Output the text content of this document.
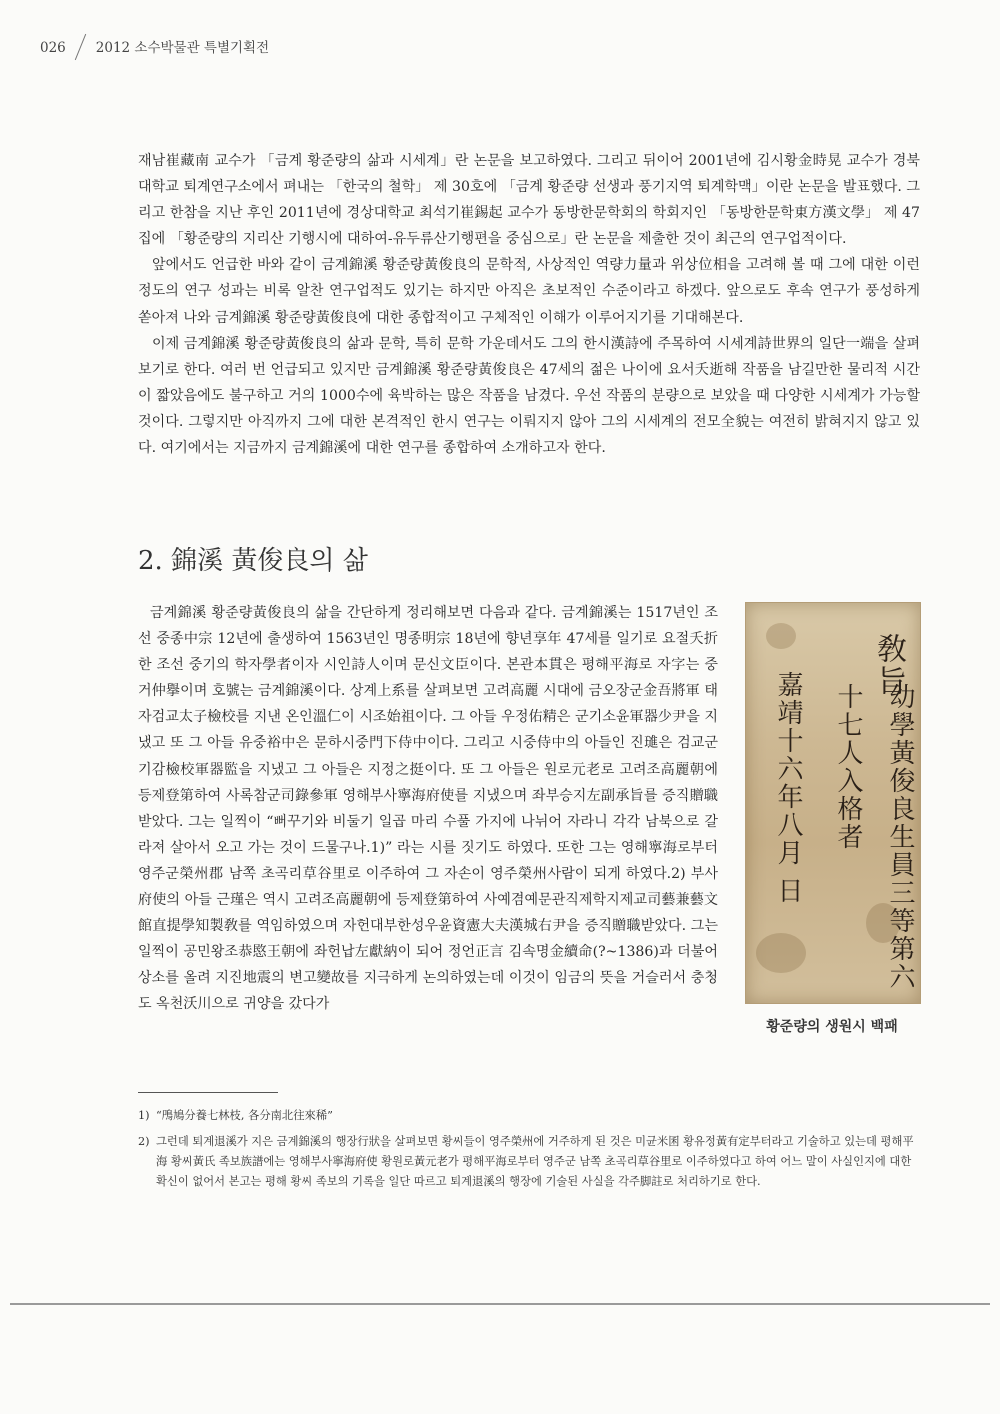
026 2012 소수박물관 특별기획전

재남崔藏南 교수가 「금계 황준량의 삶과 시세계」란 논문을 보고하였다. 그리고 뒤이어 2001년에 김시황金時晃 교수가 경북대학교 퇴계연구소에서 펴내는 「한국의 철학」 제 30호에 「금계 황준량 선생과 풍기지역 퇴계학맥」이란 논문을 발표했다. 그리고 한참을 지난 후인 2011년에 경상대학교 최석기崔錫起 교수가 동방한문학회의 학회지인 「동방한문학東方漢文學」 제 47집에 「황준량의 지리산 기행시에 대하여-유두류산기행편을 중심으로」란 논문을 제출한 것이 최근의 연구업적이다.

앞에서도 언급한 바와 같이 금계錦溪 황준량黃俊良의 문학적, 사상적인 역량力量과 위상位相을 고려해 볼 때 그에 대한 이런 정도의 연구 성과는 비록 알찬 연구업적도 있기는 하지만 아직은 초보적인 수준이라고 하겠다. 앞으로도 후속 연구가 풍성하게 쏟아져 나와 금계錦溪 황준량黃俊良에 대한 종합적이고 구체적인 이해가 이루어지기를 기대해본다.

이제 금계錦溪 황준량黃俊良의 삶과 문학, 특히 문학 가운데서도 그의 한시漢詩에 주목하여 시세계詩世界의 일단一端을 살펴보기로 한다. 여러 번 언급되고 있지만 금계錦溪 황준량黃俊良은 47세의 젊은 나이에 요서夭逝해 작품을 남길만한 물리적 시간이 짧았음에도 불구하고 거의 1000수에 육박하는 많은 작품을 남겼다. 우선 작품의 분량으로 보았을 때 다양한 시세계가 가능할 것이다. 그렇지만 아직까지 그에 대한 본격적인 한시 연구는 이뤄지지 않아 그의 시세계의 전모全貌는 여전히 밝혀지지 않고 있다. 여기에서는 지금까지 금계錦溪에 대한 연구를 종합하여 소개하고자 한다.

2. 錦溪 黃俊良의 삶

금계錦溪 황준량黃俊良의 삶을 간단하게 정리해보면 다음과 같다. 금계錦溪는 1517년인 조선 중종中宗 12년에 출생하여 1563년인 명종明宗 18년에 향년享年 47세를 일기로 요절夭折한 조선 중기의 학자學者이자 시인詩人이며 문신文臣이다. 본관本貫은 평해平海로 자字는 중거仲擧이며 호號는 금계錦溪이다. 상계上系를 살펴보면 고려高麗 시대에 금오장군金吾將軍 태자검교太子檢校를 지낸 온인溫仁이 시조始祖이다. 그 아들 우정佑精은 군기소윤軍器少尹을 지냈고 또 그 아들 유중裕中은 문하시중門下侍中이다. 그리고 시중侍中의 아들인 진璡은 검교군기감檢校軍器監을 지냈고 그 아들은 지정之挺이다. 또 그 아들은 원로元老로 고려조高麗朝에 등제登第하여 사록참군司錄參軍 영해부사寧海府使를 지냈으며 좌부승지左副承旨를 증직贈職받았다. 그는 일찍이 “뻐꾸기와 비둘기 일곱 마리 수풀 가지에 나뉘어 자라니 각각 남북으로 갈라져 살아서 오고 가는 것이 드물구나.1)” 라는 시를 짓기도 하였다. 또한 그는 영해寧海로부터 영주군榮州郡 남쪽 초곡리草谷里로 이주하여 그 자손이 영주榮州사람이 되게 하였다.2) 부사府使의 아들 근瑾은 역시 고려조高麗朝에 등제登第하여 사예겸예문관직제학지제교司藝兼藝文館直提學知製敎를 역임하였으며 자헌대부한성우윤資憲大夫漢城右尹을 증직贈職받았다. 그는 일찍이 공민왕조恭愍王朝에 좌헌납左獻納이 되어 정언正言 김속명金續命(?~1386)과 더불어 상소를 올려 지진地震의 변고變故를 지극하게 논의하였는데 이것이 임금의 뜻을 거슬러서 충청도 옥천沃川으로 귀양을 갔다가

敎旨
幼學黃俊良生員三等第六
十七人入格者
嘉靖十六年八月 日
황준량의 생원시 백패
1) “鳲鳩分養七林枝, 各分南北往來稀”
2) 그런데 퇴계退溪가 지은 금계錦溪의 행장行狀을 살펴보면 황씨들이 영주榮州에 거주하게 된 것은 미균米囷 황유정黃有定부터라고 기술하고 있는데 평해平海 황씨黃氏 족보族譜에는 영해부사寧海府使 황원로黃元老가 평해平海로부터 영주군 남쪽 초곡리草谷里로 이주하였다고 하여 어느 말이 사실인지에 대한 확신이 없어서 본고는 평해 황씨 족보의 기록을 일단 따르고 퇴계退溪의 행장에 기술된 사실을 각주脚註로 처리하기로 한다.
